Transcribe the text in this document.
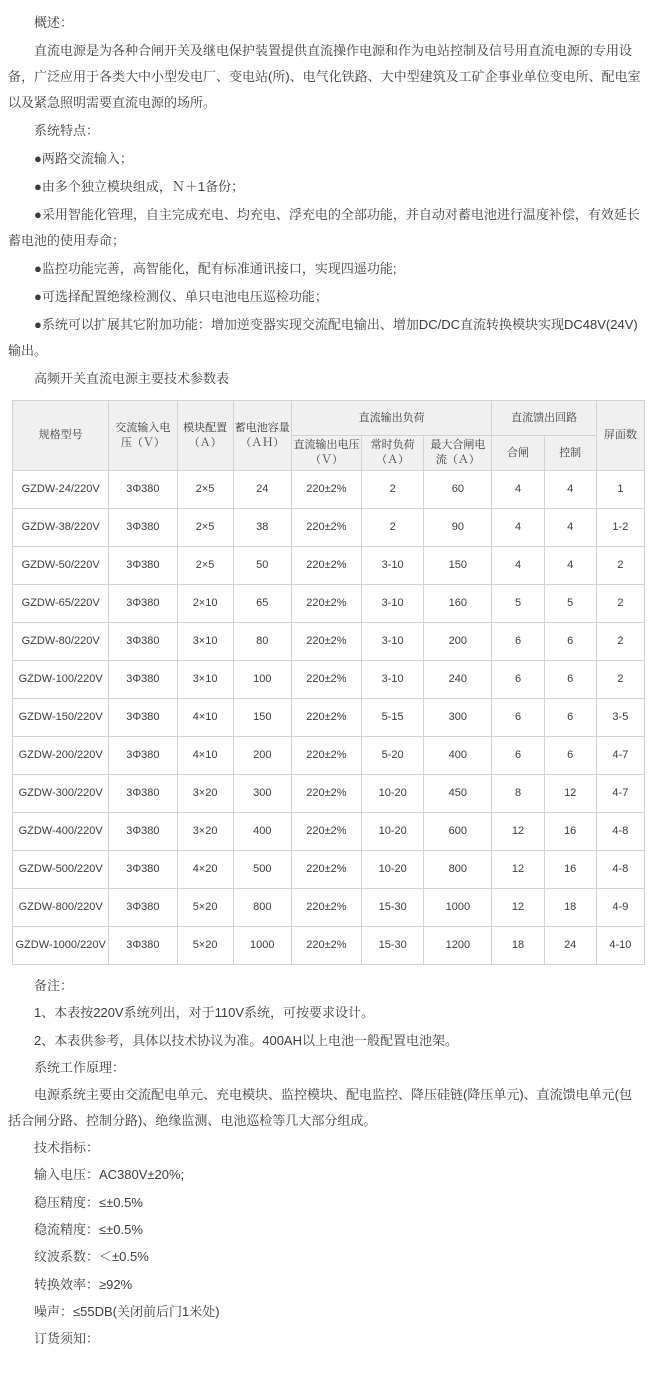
概述：

直流电源是为各种合闸开关及继电保护装置提供直流操作电源和作为电站控制及信号用直流电源的专用设备，广泛应用于各类大中小型发电厂、变电站(所)、电气化铁路、大中型建筑及工矿企事业单位变电所、配电室以及紧急照明需要直流电源的场所。

系统特点：

●两路交流输入；

●由多个独立模块组成，Ｎ＋1备份；

●采用智能化管理，自主完成充电、均充电、浮充电的全部功能，并自动对蓄电池进行温度补偿，有效延长蓄电池的使用寿命；

●监控功能完善，高智能化，配有标准通讯接口，实现四遥功能;

●可选择配置绝缘检测仪、单只电池电压巡检功能；

●系统可以扩展其它附加功能：增加逆变器实现交流配电输出、增加DC/DC直流转换模块实现DC48V(24V)输出。

高频开关直流电源主要技术参数表

规格型号	交流输入电压（Ｖ）	模块配置（Ａ）	蓄电池容量（ＡＨ）	直流输出负荷			直流馈出回路		屏面数
				直流输出电压（Ｖ）	常时负荷（Ａ）	最大合闸电流（Ａ）	合闸	控制	
GZDW-24/220V	3Φ380	2×5	24	220±2%	2	60	4	4	1
GZDW-38/220V	3Φ380	2×5	38	220±2%	2	90	4	4	1-2
GZDW-50/220V	3Φ380	2×5	50	220±2%	3-10	150	4	4	2
GZDW-65/220V	3Φ380	2×10	65	220±2%	3-10	160	5	5	2
GZDW-80/220V	3Φ380	3×10	80	220±2%	3-10	200	6	6	2
GZDW-100/220V	3Φ380	3×10	100	220±2%	3-10	240	6	6	2
GZDW-150/220V	3Φ380	4×10	150	220±2%	5-15	300	6	6	3-5
GZDW-200/220V	3Φ380	4×10	200	220±2%	5-20	400	6	6	4-7
GZDW-300/220V	3Φ380	3×20	300	220±2%	10-20	450	8	12	4-7
GZDW-400/220V	3Φ380	3×20	400	220±2%	10-20	600	12	16	4-8
GZDW-500/220V	3Φ380	4×20	500	220±2%	10-20	800	12	16	4-8
GZDW-800/220V	3Φ380	5×20	800	220±2%	15-30	1000	12	18	4-9
GZDW-1000/220V	3Φ380	5×20	1000	220±2%	15-30	1200	18	24	4-10

备注：

1、本表按220V系统列出，对于110V系统，可按要求设计。

2、本表供参考，具体以技术协议为准。400AH以上电池一般配置电池架。

系统工作原理：

电源系统主要由交流配电单元、充电模块、监控模块、配电监控、降压硅链(降压单元)、直流馈电单元(包括合闸分路、控制分路)、绝缘监测、电池巡检等几大部分组成。

技术指标：

输入电压：AC380V±20%;

稳压精度：≤±0.5%

稳流精度：≤±0.5%

纹波系数：＜±0.5%

转换效率：≥92%

噪声：≤55DB(关闭前后门1米处)

订货须知：
